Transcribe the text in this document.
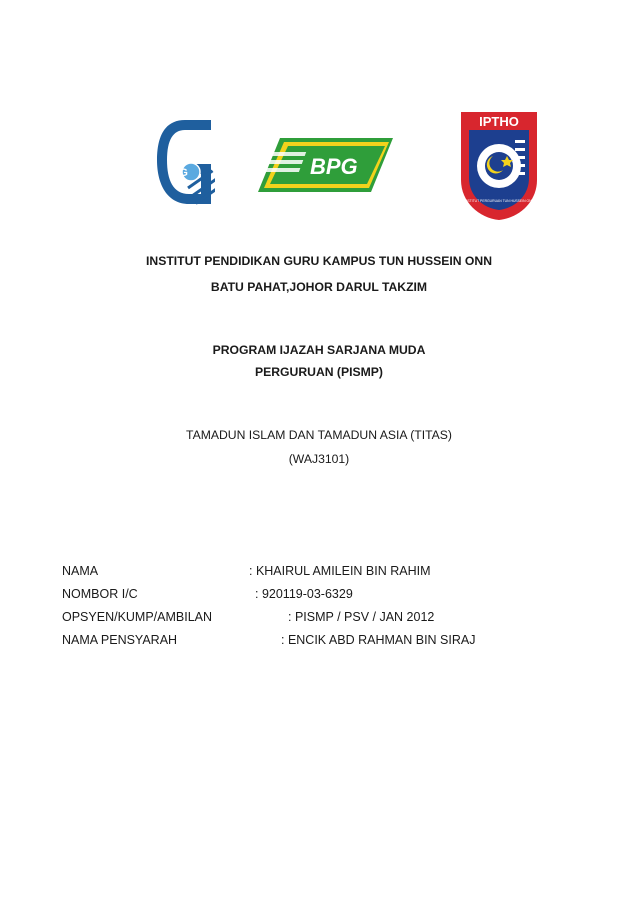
iPG	BPG
IPTHO
INSTITUT PERGURUAN TUN HUSSEIN ONN
INSTITUT PENDIDIKAN GURU KAMPUS TUN HUSSEIN ONN
BATU PAHAT,JOHOR DARUL TAKZIM
PROGRAM IJAZAH SARJANA MUDA
PERGURUAN (PISMP)
TAMADUN ISLAM DAN TAMADUN ASIA (TITAS)
(WAJ3101)
NAMA	: KHAIRUL AMILEIN BIN RAHIM
NOMBOR I/C	: 920119-03-6329
OPSYEN/KUMP/AMBILAN	: PISMP / PSV / JAN 2012
NAMA PENSYARAH	: ENCIK ABD RAHMAN BIN SIRAJ
